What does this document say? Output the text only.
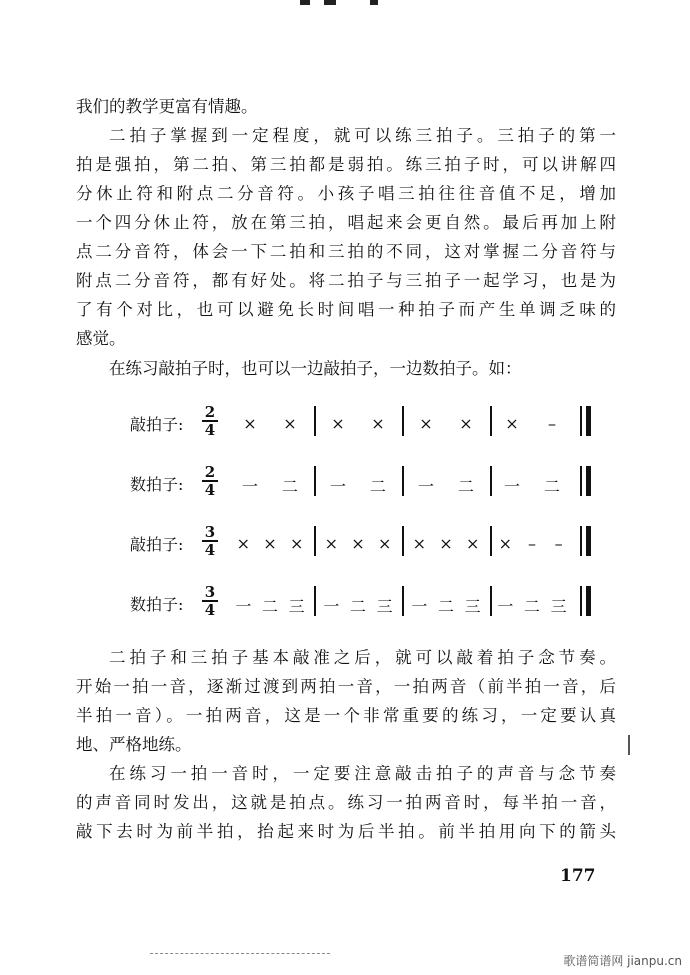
我们的教学更富有情趣。
二拍子掌握到一定程度，就可以练三拍子。三拍子的第一
拍是强拍，第二拍、第三拍都是弱拍。练三拍子时，可以讲解四
分休止符和附点二分音符。小孩子唱三拍往往音值不足，增加
一个四分休止符，放在第三拍，唱起来会更自然。最后再加上附
点二分音符，体会一下二拍和三拍的不同，这对掌握二分音符与
附点二分音符，都有好处。将二拍子与三拍子一起学习，也是为
了有个对比，也可以避免长时间唱一种拍子而产生单调乏味的
感觉。
在练习敲拍子时，也可以一边敲拍子，一边数拍子。如：
敲拍子: $\frac{2}{4}$ × × × × × × ×	–
数拍子: $\frac{2}{4}$ 一 二 一 二 一 二 一 二
敲拍子: $\frac{3}{4}$ × × × × × × × × × × –	–
数拍子: $\frac{3}{4}$ 一 二 三 一 二 三 一 二 三 一 二 三
二拍子和三拍子基本敲准之后，就可以敲着拍子念节奏。
开始一拍一音，逐渐过渡到两拍一音，一拍两音（前半拍一音，后
半拍一音）。一拍两音，这是一个非常重要的练习，一定要认真
地、严格地练。
在练习一拍一音时，一定要注意敲击拍子的声音与念节奏
的声音同时发出，这就是拍点。练习一拍两音时，每半拍一音，
敲下去时为前半拍，抬起来时为后半拍。前半拍用向下的箭头
177
歌谱简谱网 jianpu.cn
